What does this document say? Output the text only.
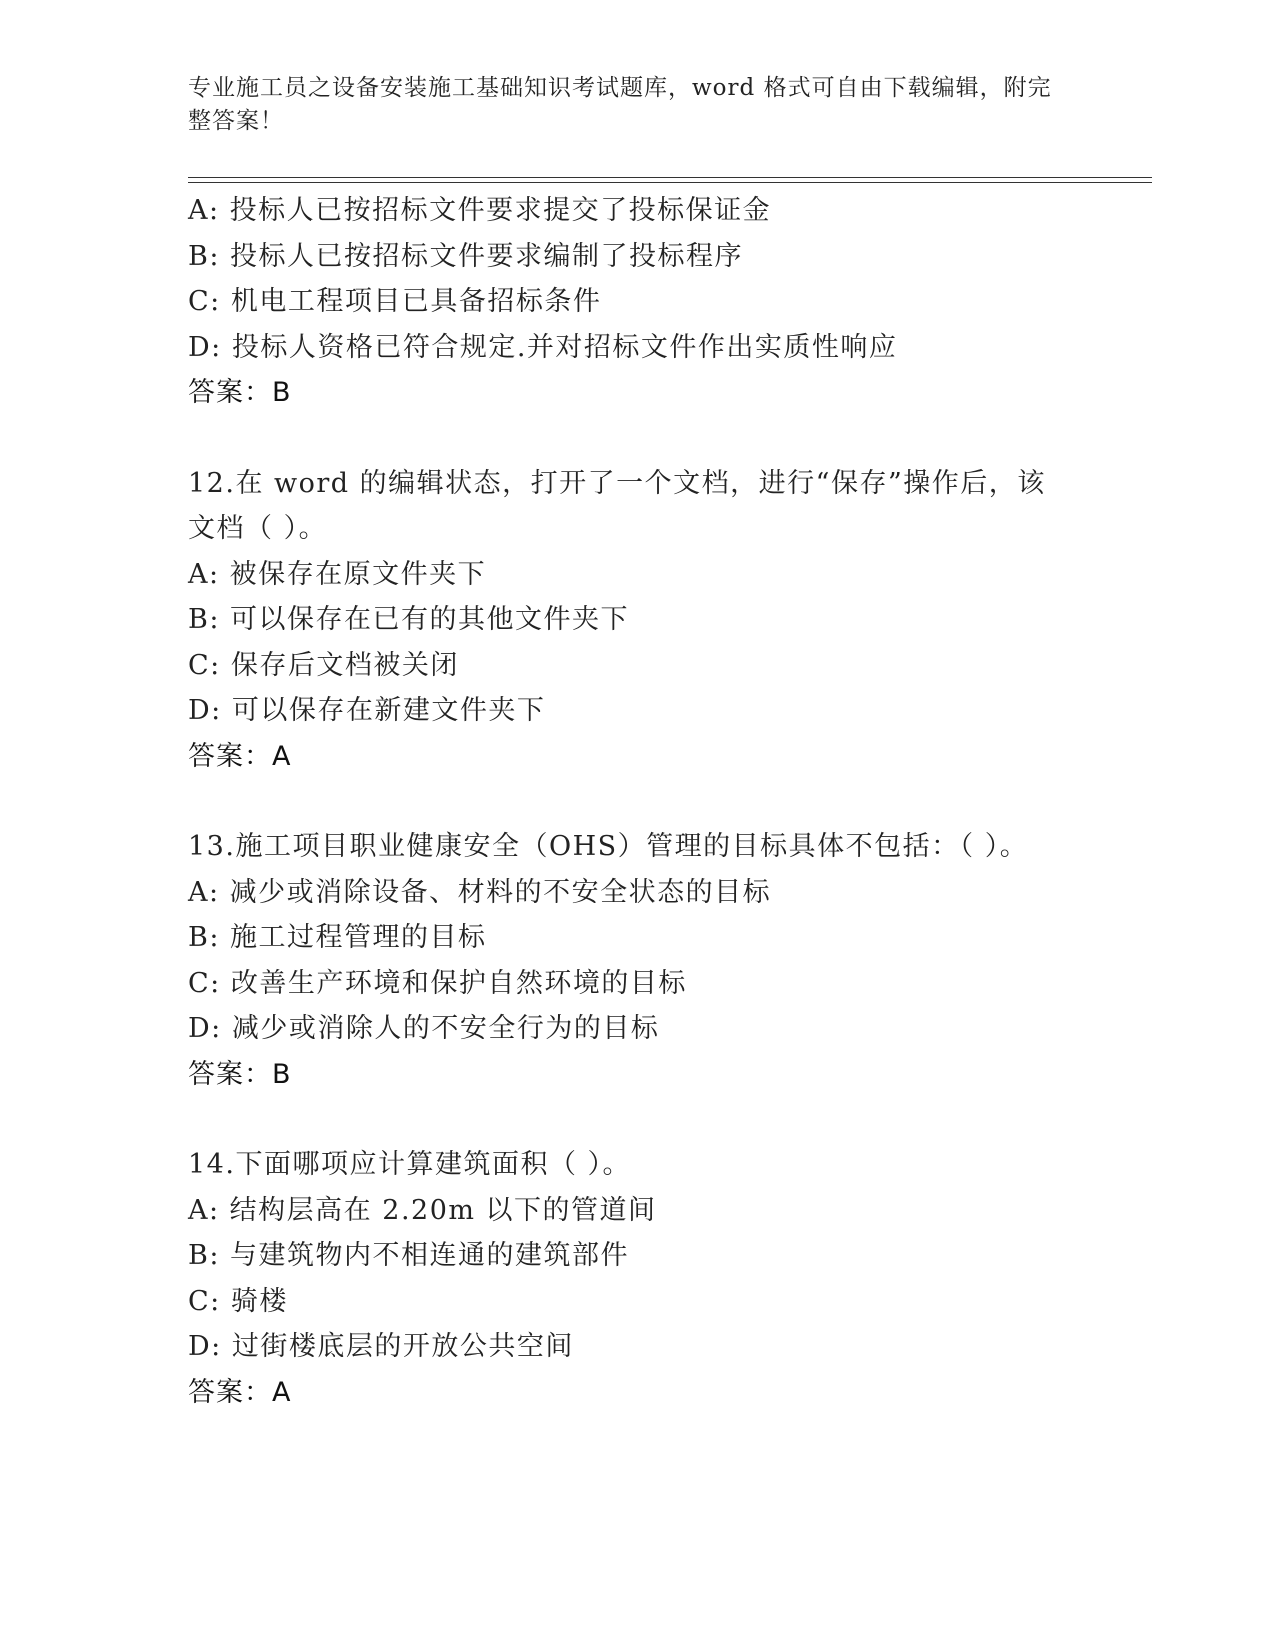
专业施工员之设备安装施工基础知识考试题库，word 格式可自由下载编辑，附完整答案！
A: 投标人已按招标文件要求提交了投标保证金
B: 投标人已按招标文件要求编制了投标程序
C: 机电工程项目已具备招标条件
D: 投标人资格已符合规定.并对招标文件作出实质性响应
答案：B
12.在 word 的编辑状态，打开了一个文档，进行“保存”操作后，该
文档（ ）。
A: 被保存在原文件夹下
B: 可以保存在已有的其他文件夹下
C: 保存后文档被关闭
D: 可以保存在新建文件夹下
答案：A
13.施工项目职业健康安全（OHS）管理的目标具体不包括：（ ）。
A: 减少或消除设备、材料的不安全状态的目标
B: 施工过程管理的目标
C: 改善生产环境和保护自然环境的目标
D: 减少或消除人的不安全行为的目标
答案：B
14.下面哪项应计算建筑面积（ ）。
A: 结构层高在 2.20m 以下的管道间
B: 与建筑物内不相连通的建筑部件
C: 骑楼
D: 过街楼底层的开放公共空间
答案：A
